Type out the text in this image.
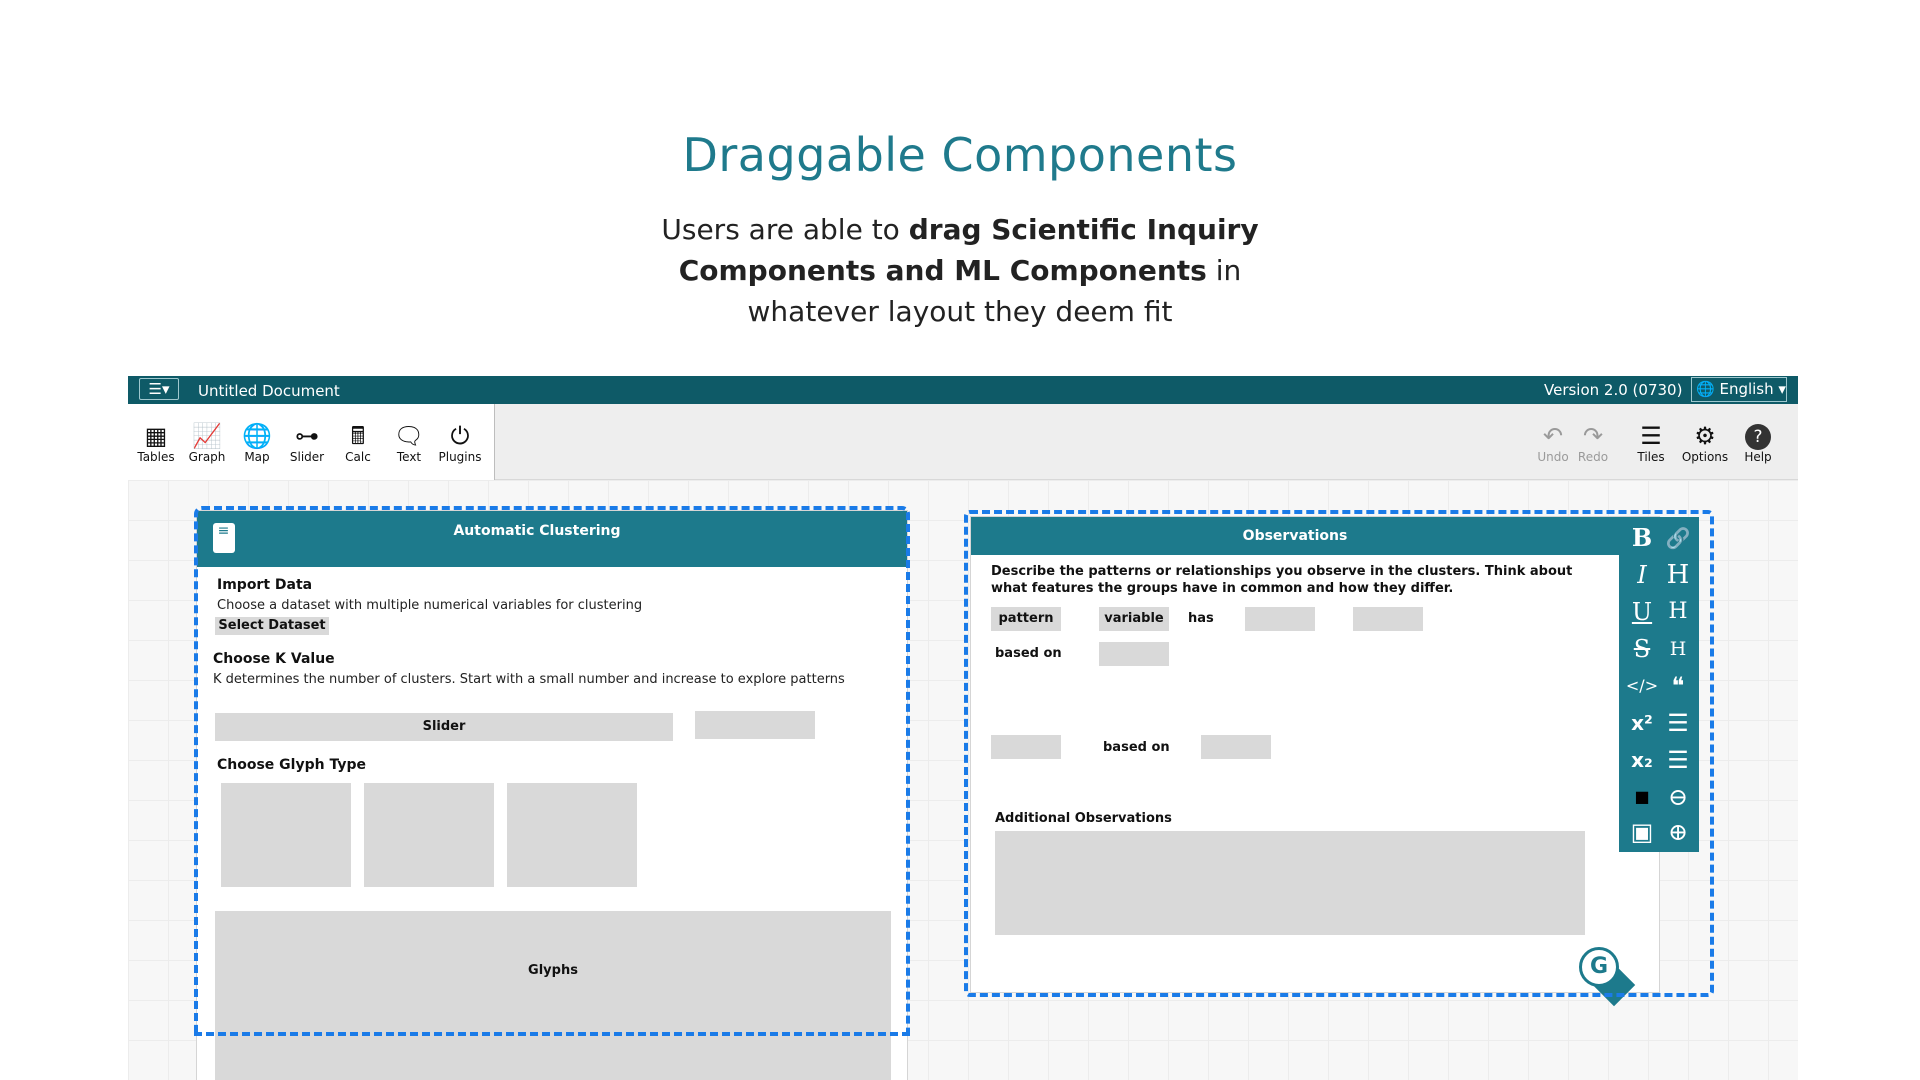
Draggable Components

Users are able to drag Scientific Inquiry Components and ML Components in whatever layout they deem fit

☰▾	Untitled Document	Version 2.0 (0730) 🌐 English ▾
▦
Tables
📈
Graph
🌐
Map
⊶
Slider
🖩
Calc
🗨
Text
⏻
Plugins
↶
Undo
↷
Redo
☰
Tiles
⚙
Options
?
Help
≡	Automatic Clustering
Import Data
Choose a dataset with multiple numerical variables for clustering
Select Dataset
Choose K Value
K determines the number of clusters. Start with a small number and increase to explore patterns
Slider
Choose Glyph Type
Glyphs
Observations	B 🔗
I H
U H
S	H
</> ❝
x² ☰
x₂ ☰
■ ⊖
▣ ⊕
Describe the patterns or relationships you observe in the clusters. Think about what features the groups have in common and how they differ.
pattern	variable	has
based on
based on
Additional Observations
G
